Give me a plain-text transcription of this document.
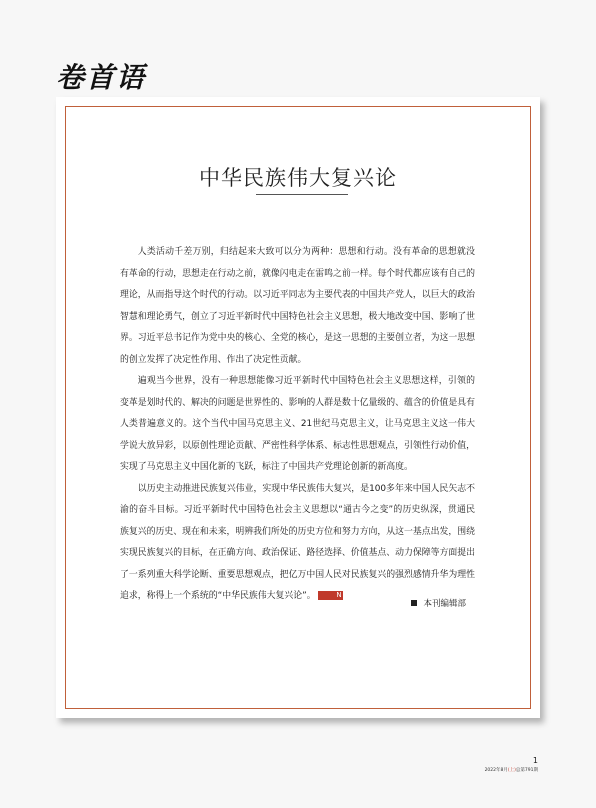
卷首语
中华民族伟大复兴论

人类活动千差万别，归结起来大致可以分为两种：思想和行动。没有革命的思想就没有革命的行动，思想走在行动之前，就像闪电走在雷鸣之前一样。每个时代都应该有自己的理论，从而指导这个时代的行动。以习近平同志为主要代表的中国共产党人，以巨大的政治智慧和理论勇气，创立了习近平新时代中国特色社会主义思想，极大地改变中国、影响了世界。习近平总书记作为党中央的核心、全党的核心，是这一思想的主要创立者，为这一思想的创立发挥了决定性作用、作出了决定性贡献。

遍观当今世界，没有一种思想能像习近平新时代中国特色社会主义思想这样，引领的变革是划时代的、解决的问题是世界性的、影响的人群是数十亿量级的、蕴含的价值是具有人类普遍意义的。这个当代中国马克思主义、21世纪马克思主义，让马克思主义这一伟大学说大放异彩，以原创性理论贡献、严密性科学体系、标志性思想观点，引领性行动价值，实现了马克思主义中国化新的飞跃，标注了中国共产党理论创新的新高度。

以历史主动推进民族复兴伟业，实现中华民族伟大复兴，是100多年来中国人民矢志不渝的奋斗目标。习近平新时代中国特色社会主义思想以“通古今之变”的历史纵深，贯通民族复兴的历史、现在和未来，明辨我们所处的历史方位和努力方向，从这一基点出发，围绕实现民族复兴的目标，在正确方向、政治保证、路径选择、价值基点、动力保障等方面提出了一系列重大科学论断、重要思想观点，把亿万中国人民对民族复兴的强烈感情升华为理性追求，称得上一个系统的“中华民族伟大复兴论”。	N

本刊编辑部
1
2022年8月(上)总第791期
